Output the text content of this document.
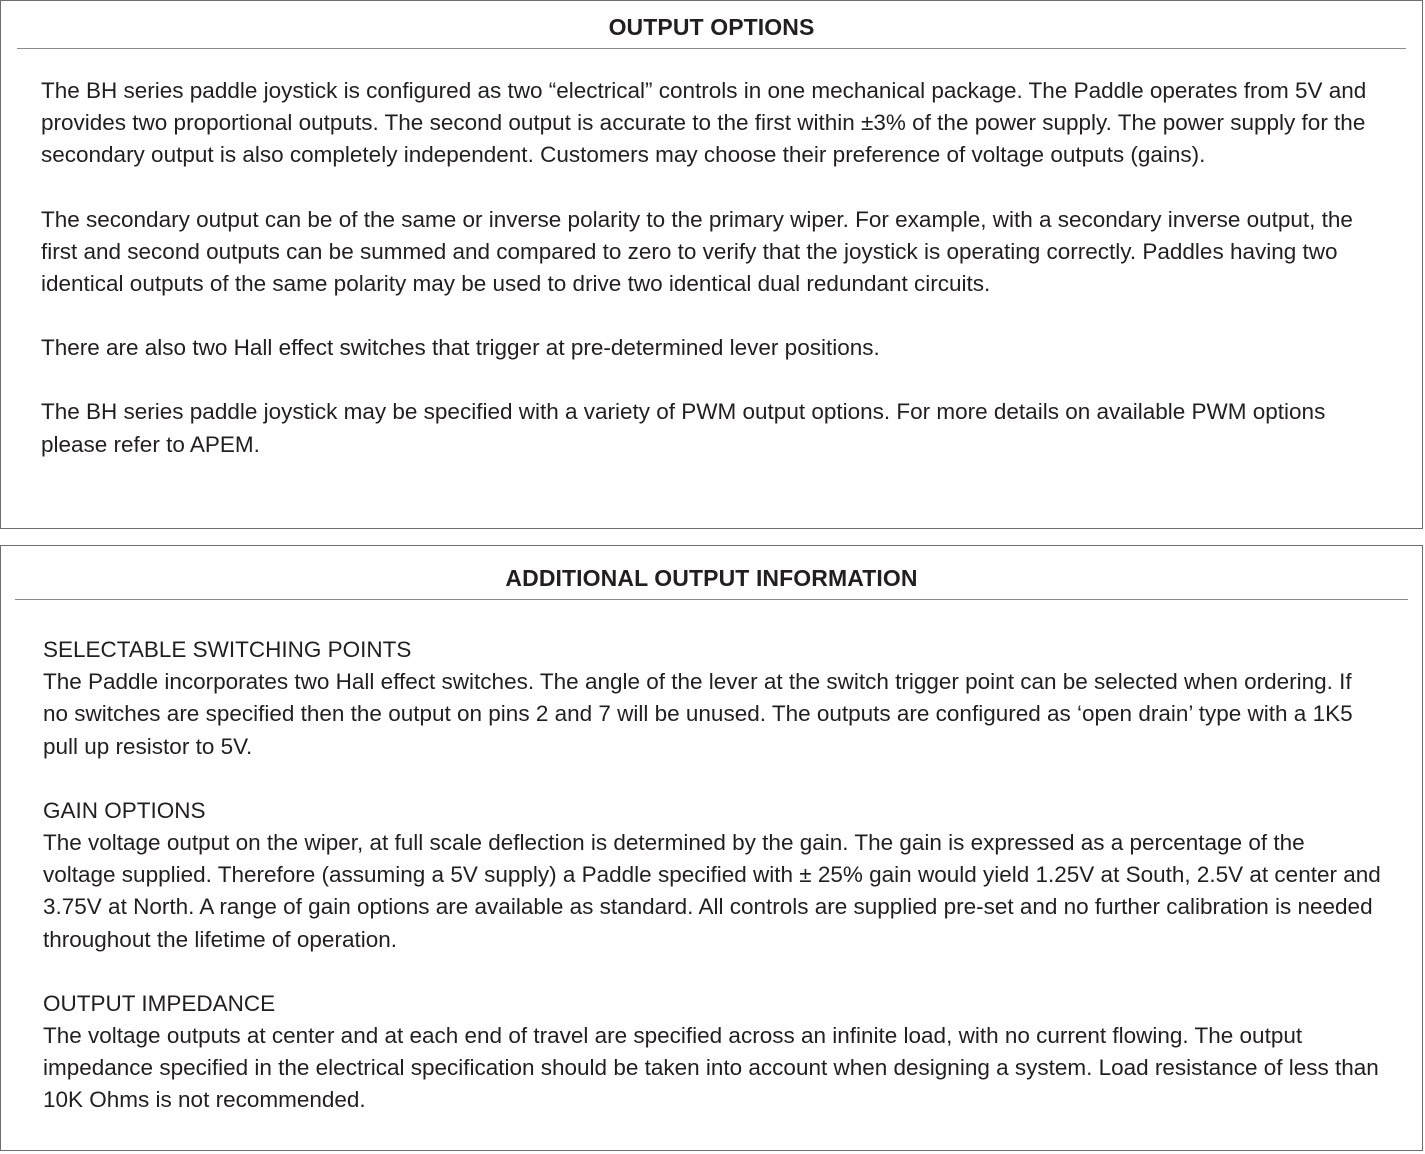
OUTPUT OPTIONS

The BH series paddle joystick is configured as two “electrical” controls in one mechanical package. The Paddle operates from 5V and provides two proportional outputs. The second output is accurate to the first within ±3% of the power supply. The power supply for the secondary output is also completely independent. Customers may choose their preference of voltage outputs (gains).

The secondary output can be of the same or inverse polarity to the primary wiper. For example, with a secondary inverse output, the first and second outputs can be summed and compared to zero to verify that the joystick is operating correctly. Paddles having two identical outputs of the same polarity may be used to drive two identical dual redundant circuits.

There are also two Hall effect switches that trigger at pre-determined lever positions.

The BH series paddle joystick may be specified with a variety of PWM output options. For more details on available PWM options please refer to APEM.

ADDITIONAL OUTPUT INFORMATION

SELECTABLE SWITCHING POINTS

The Paddle incorporates two Hall effect switches. The angle of the lever at the switch trigger point can be selected when ordering. If no switches are specified then the output on pins 2 and 7 will be unused. The outputs are configured as ‘open drain’ type with a 1K5 pull up resistor to 5V.

GAIN OPTIONS

The voltage output on the wiper, at full scale deflection is determined by the gain. The gain is expressed as a percentage of the voltage supplied. Therefore (assuming a 5V supply) a Paddle specified with ± 25% gain would yield 1.25V at South, 2.5V at center and 3.75V at North. A range of gain options are available as standard. All controls are supplied pre-set and no further calibration is needed throughout the lifetime of operation.

OUTPUT IMPEDANCE

The voltage outputs at center and at each end of travel are specified across an infinite load, with no current flowing. The output impedance specified in the electrical specification should be taken into account when designing a system. Load resistance of less than 10K Ohms is not recommended.
